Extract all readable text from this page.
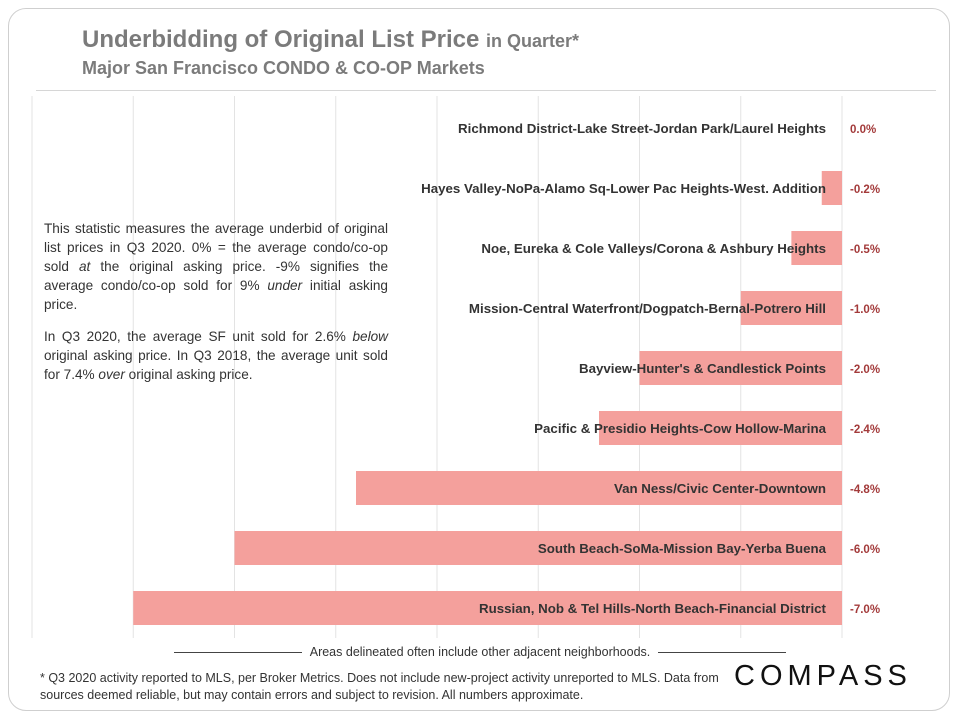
Underbidding of Original List Price in Quarter*
Major San Francisco CONDO & CO-OP Markets
Richmond District-Lake Street-Jordan Park/Laurel Heights 0.0%
Hayes Valley-NoPa-Alamo Sq-Lower Pac Heights-West. Addition -0.2%
Noe, Eureka & Cole Valleys/Corona & Ashbury Heights -0.5%
Mission-Central Waterfront/Dogpatch-Bernal-Potrero Hill -1.0%
Bayview-Hunter's & Candlestick Points -2.0%
Pacific & Presidio Heights-Cow Hollow-Marina -2.4%
Van Ness/Civic Center-Downtown -4.8%
South Beach-SoMa-Mission Bay-Yerba Buena -6.0%
Russian, Nob & Tel Hills-North Beach-Financial District -7.0%

This statistic measures the average underbid of original list prices in Q3 2020. 0% = the average condo/co-op sold at the original asking price. -9% signifies the average condo/co-op sold for 9% under initial asking price.

In Q3 2020, the average SF unit sold for 2.6% below original asking price. In Q3 2018, the average unit sold for 7.4% over original asking price.

Areas delineated often include other adjacent neighborhoods.
* Q3 2020 activity reported to MLS, per Broker Metrics. Does not include new-project activity unreported to MLS. Data from sources deemed reliable, but may contain errors and subject to revision. All numbers approximate.
COMPASS
